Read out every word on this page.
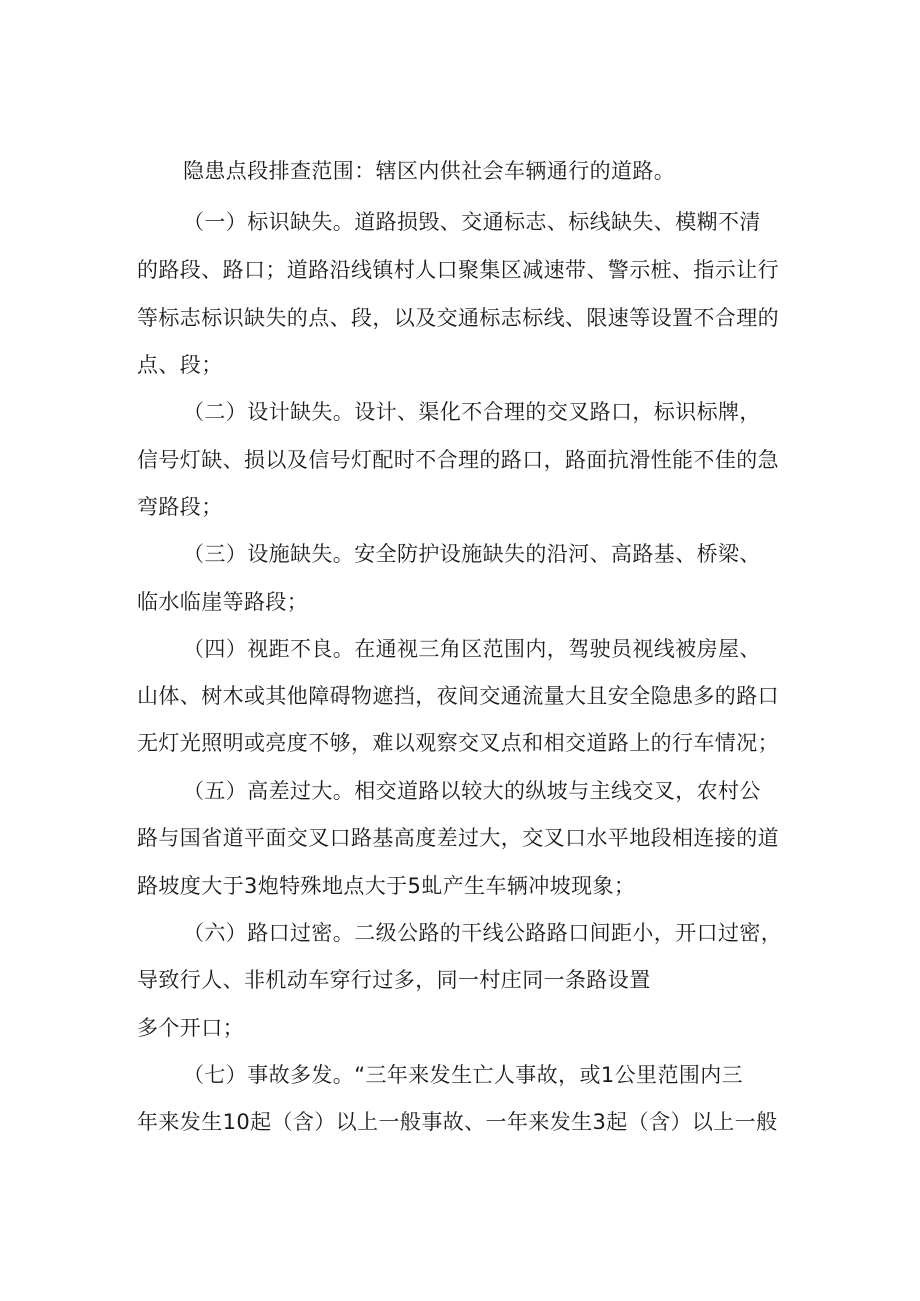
隐患点段排查范围：辖区内供社会车辆通行的道路。
（一）标识缺失。道路损毁、交通标志、标线缺失、模糊不清
的路段、路口；道路沿线镇村人口聚集区减速带、警示桩、指示让行
等标志标识缺失的点、段，以及交通标志标线、限速等设置不合理的
点、段；
（二）设计缺失。设计、渠化不合理的交叉路口，标识标牌，
信号灯缺、损以及信号灯配时不合理的路口，路面抗滑性能不佳的急
弯路段；
（三）设施缺失。安全防护设施缺失的沿河、高路基、桥梁、
临水临崖等路段；
（四）视距不良。在通视三角区范围内，驾驶员视线被房屋、
山体、树木或其他障碍物遮挡，夜间交通流量大且安全隐患多的路口
无灯光照明或亮度不够，难以观察交叉点和相交道路上的行车情况；
（五）高差过大。相交道路以较大的纵坡与主线交叉，农村公
路与国省道平面交叉口路基高度差过大，交叉口水平地段相连接的道
路坡度大于3炮特殊地点大于5虬产生车辆冲坡现象；
（六）路口过密。二级公路的干线公路路口间距小，开口过密，
导致行人、非机动车穿行过多，同一村庄同一条路设置
多个开口；
（七）事故多发。“三年来发生亡人事故，或1公里范围内三
年来发生10起（含）以上一般事故、一年来发生3起（含）以上一般
